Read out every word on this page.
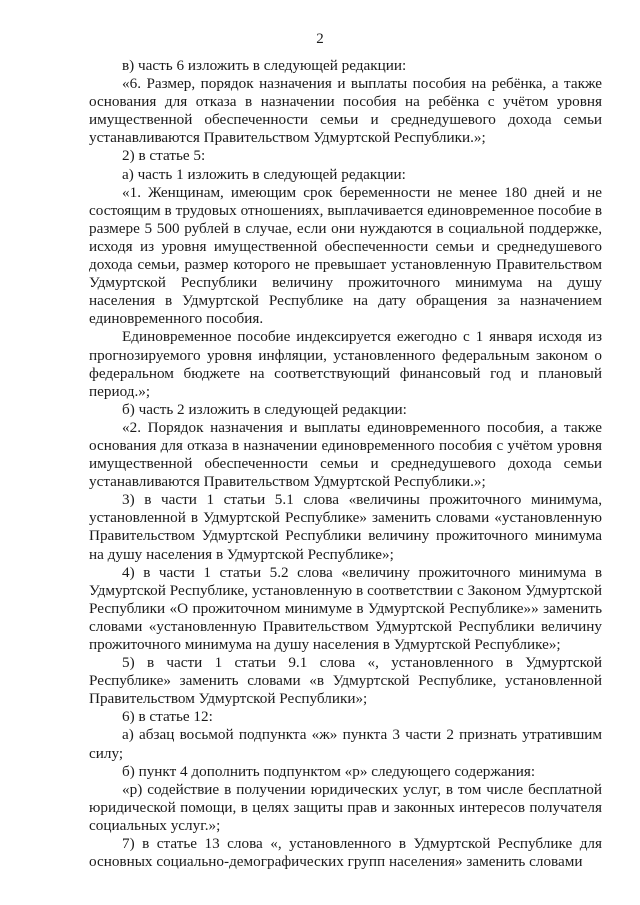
2

в) часть 6 изложить в следующей редакции:

«6. Размер, порядок назначения и выплаты пособия на ребёнка, а также основания для отказа в назначении пособия на ребёнка с учётом уровня имущественной обеспеченности семьи и среднедушевого дохода семьи устанавливаются Правительством Удмуртской Республики.»;

2) в статье 5:

а) часть 1 изложить в следующей редакции:

«1. Женщинам, имеющим срок беременности не менее 180 дней и не состоящим в трудовых отношениях, выплачивается единовременное пособие в размере 5 500 рублей в случае, если они нуждаются в социальной поддержке, исходя из уровня имущественной обеспеченности семьи и среднедушевого дохода семьи, размер которого не превышает установленную Правительством Удмуртской Республики величину прожиточного минимума на душу населения в Удмуртской Республике на дату обращения за назначением единовременного пособия.

Единовременное пособие индексируется ежегодно с 1 января исходя из прогнозируемого уровня инфляции, установленного федеральным законом о федеральном бюджете на соответствующий финансовый год и плановый период.»;

б) часть 2 изложить в следующей редакции:

«2. Порядок назначения и выплаты единовременного пособия, а также основания для отказа в назначении единовременного пособия с учётом уровня имущественной обеспеченности семьи и среднедушевого дохода семьи устанавливаются Правительством Удмуртской Республики.»;

3) в части 1 статьи 5.1 слова «величины прожиточного минимума, установленной в Удмуртской Республике» заменить словами «установленную Правительством Удмуртской Республики величину прожиточного минимума на душу населения в Удмуртской Республике»;

4) в части 1 статьи 5.2 слова «величину прожиточного минимума в Удмуртской Республике, установленную в соответствии с Законом Удмуртской Республики «О прожиточном минимуме в Удмуртской Республике»» заменить словами «установленную Правительством Удмуртской Республики величину прожиточного минимума на душу населения в Удмуртской Республике»;

5) в части 1 статьи 9.1 слова «, установленного в Удмуртской Республике» заменить словами «в Удмуртской Республике, установленной Правительством Удмуртской Республики»;

6) в статье 12:

а) абзац восьмой подпункта «ж» пункта 3 части 2 признать утратившим силу;

б) пункт 4 дополнить подпунктом «р» следующего содержания:

«р) содействие в получении юридических услуг, в том числе бесплатной юридической помощи, в целях защиты прав и законных интересов получателя социальных услуг.»;

7) в статье 13 слова «, установленного в Удмуртской Республике для основных социально-демографических групп населения» заменить словами
